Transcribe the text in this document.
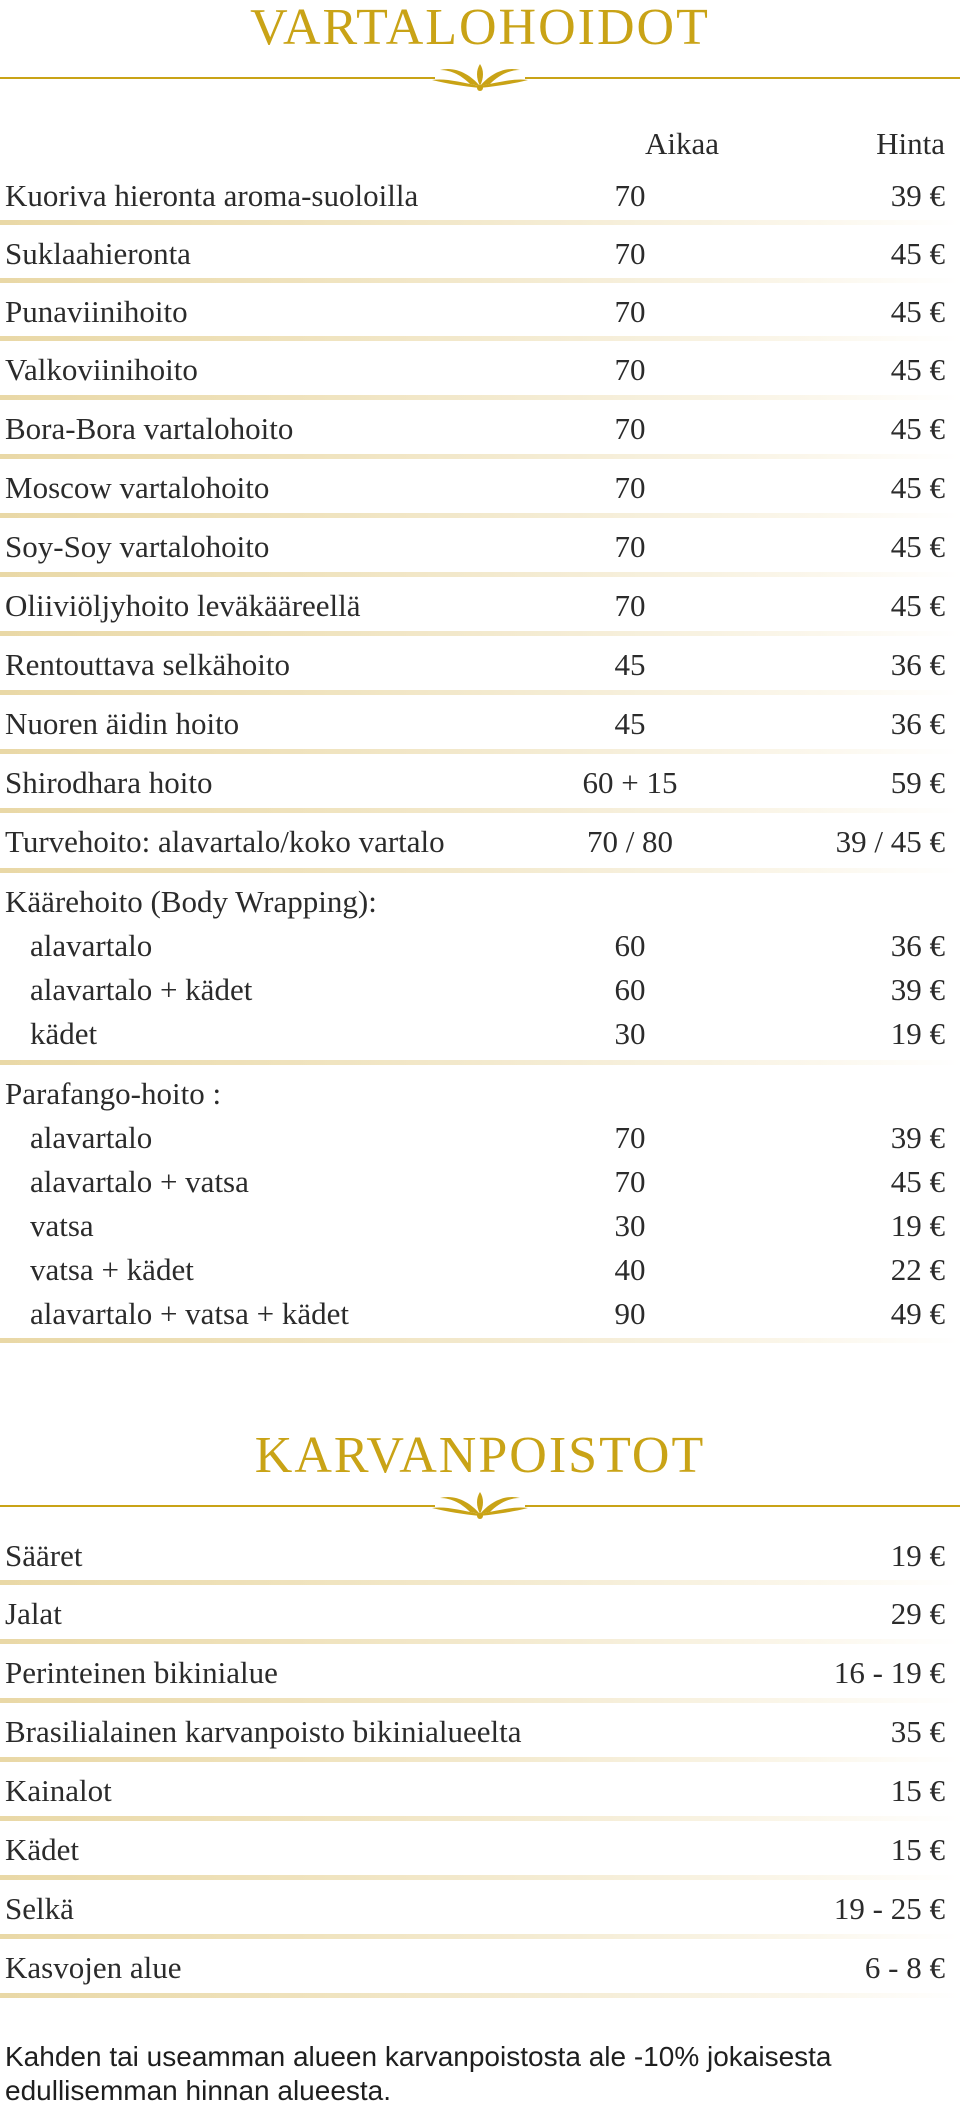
VARTALOHOIDOT
Aikaa	Hinta
Kuoriva hieronta aroma-suoloilla	70	39 €
Suklaahieronta	70	45 €
Punaviinihoito	70	45 €
Valkoviinihoito	70	45 €
Bora-Bora vartalohoito	70	45 €
Moscow vartalohoito	70	45 €
Soy-Soy vartalohoito	70	45 €
Oliiviöljyhoito leväkääreellä	70	45 €
Rentouttava selkähoito	45	36 €
Nuoren äidin hoito	45	36 €
Shirodhara hoito	60 + 15	59 €
Turvehoito: alavartalo/koko vartalo	70 / 80	39 / 45 €
Käärehoito (Body Wrapping):
alavartalo	60	36 €
alavartalo + kädet	60	39 €
kädet	30	19 €
Parafango-hoito :
alavartalo	70	39 €
alavartalo + vatsa	70	45 €
vatsa	30	19 €
vatsa + kädet	40	22 €
alavartalo + vatsa + kädet	90	49 €
KARVANPOISTOT
Sääret	19 €
Jalat	29 €
Perinteinen bikinialue	16 - 19 €
Brasilialainen karvanpoisto bikinialueelta	35 €
Kainalot	15 €
Kädet	15 €
Selkä	19 - 25 €
Kasvojen alue	6 - 8 €
Kahden tai useamman alueen karvanpoistosta ale -10% jokaisesta edullisemman hinnan alueesta.
